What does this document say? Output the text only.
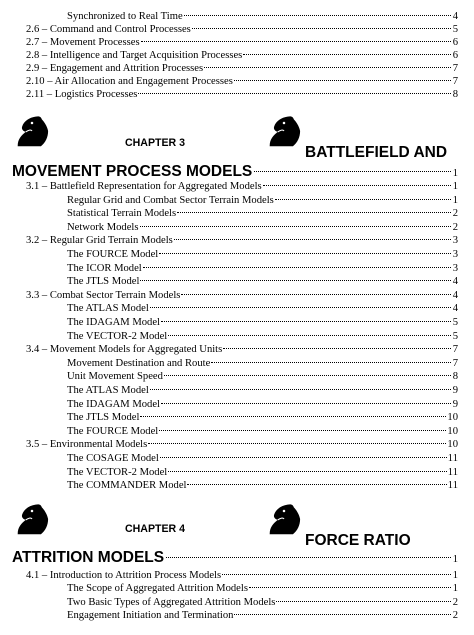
Synchronized to Real Time	4
2.6 – Command and Control Processes	5
2.7 – Movement Processes	6
2.8 – Intelligence and Target Acquisition Processes	6
2.9 – Engagement and Attrition Processes	7
2.10 – Air Allocation and Engagement Processes	7
2.11 – Logistics Processes	8
CHAPTER 3
BATTLEFIELD AND
MOVEMENT PROCESS MODELS	1
3.1 – Battlefield Representation for Aggregated Models	1
Regular Grid and Combat Sector Terrain Models	1
Statistical Terrain Models	2
Network Models	2
3.2 – Regular Grid Terrain Models	3
The FOURCE Model	3
The ICOR Model	3
The JTLS Model	4
3.3 – Combat Sector Terrain Models	4
The ATLAS Model	4
The IDAGAM Model	5
The VECTOR-2 Model	5
3.4 – Movement Models for Aggregated Units	7
Movement Destination and Route	7
Unit Movement Speed	8
The ATLAS Model	9
The IDAGAM Model	9
The JTLS Model	10
The FOURCE Model	10
3.5 – Environmental Models	10
The COSAGE Model	11
The VECTOR-2 Model	11
The COMMANDER Model	11
CHAPTER 4
FORCE RATIO
ATTRITION MODELS	1
4.1 – Introduction to Attrition Process Models	1
The Scope of Aggregated Attrition Models	1
Two Basic Types of Aggregated Attrition Models	2
Engagement Initiation and Termination	2
